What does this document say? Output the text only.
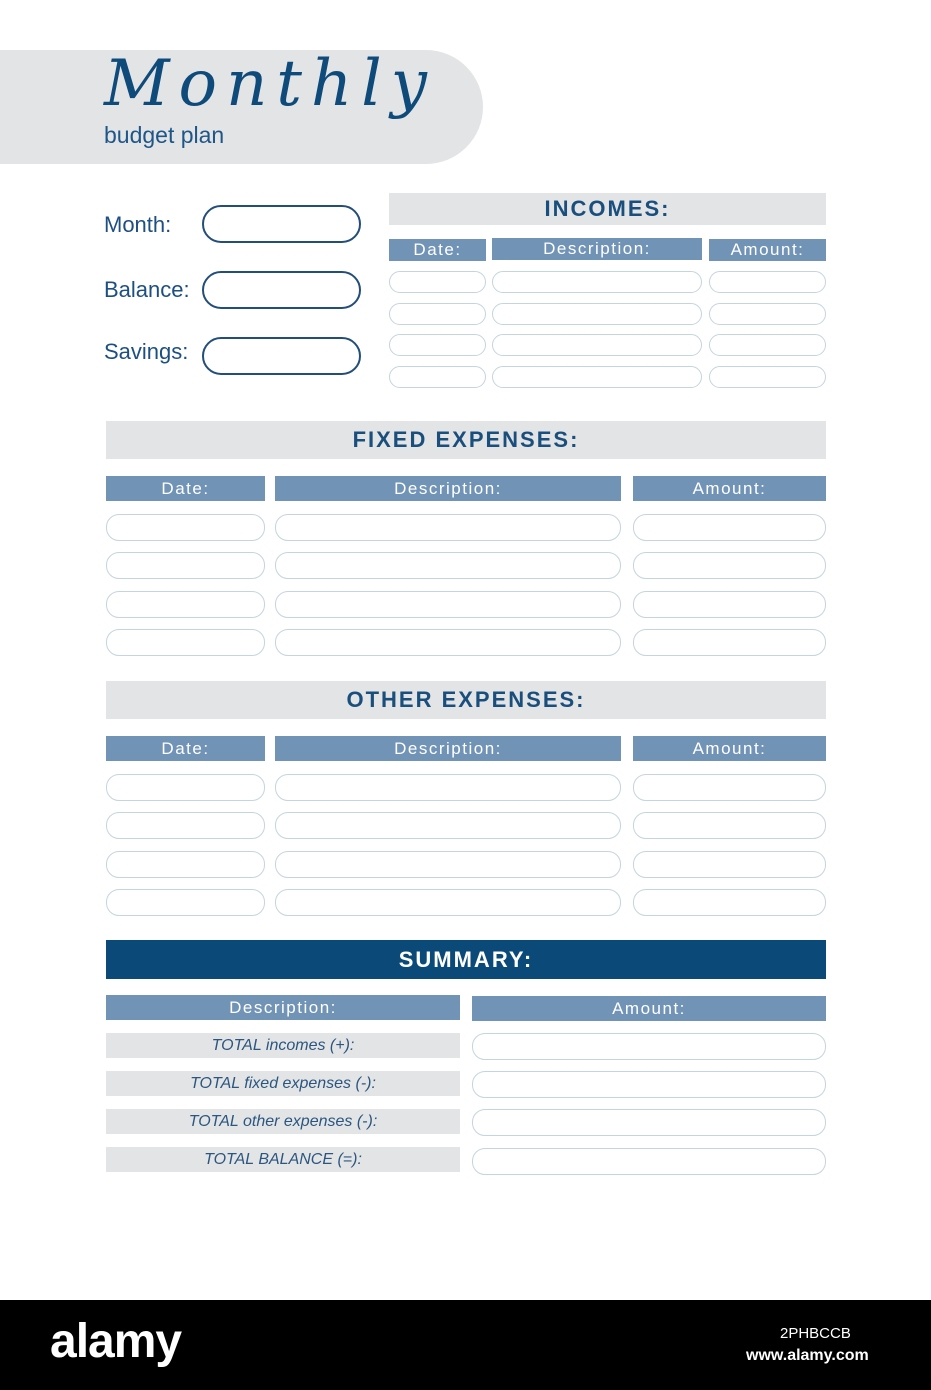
Monthly
budget plan
Month:
Balance:
Savings:
INCOMES:
Date:	Description:	Amount:
FIXED EXPENSES:
Date:	Description:	Amount:
OTHER EXPENSES:
Date:	Description:	Amount:
SUMMARY:
Description:	Amount:
TOTAL incomes (+):
TOTAL fixed expenses (-):
TOTAL other expenses (-):
TOTAL BALANCE (=):
alamy	2PHBCCB
www.alamy.com
